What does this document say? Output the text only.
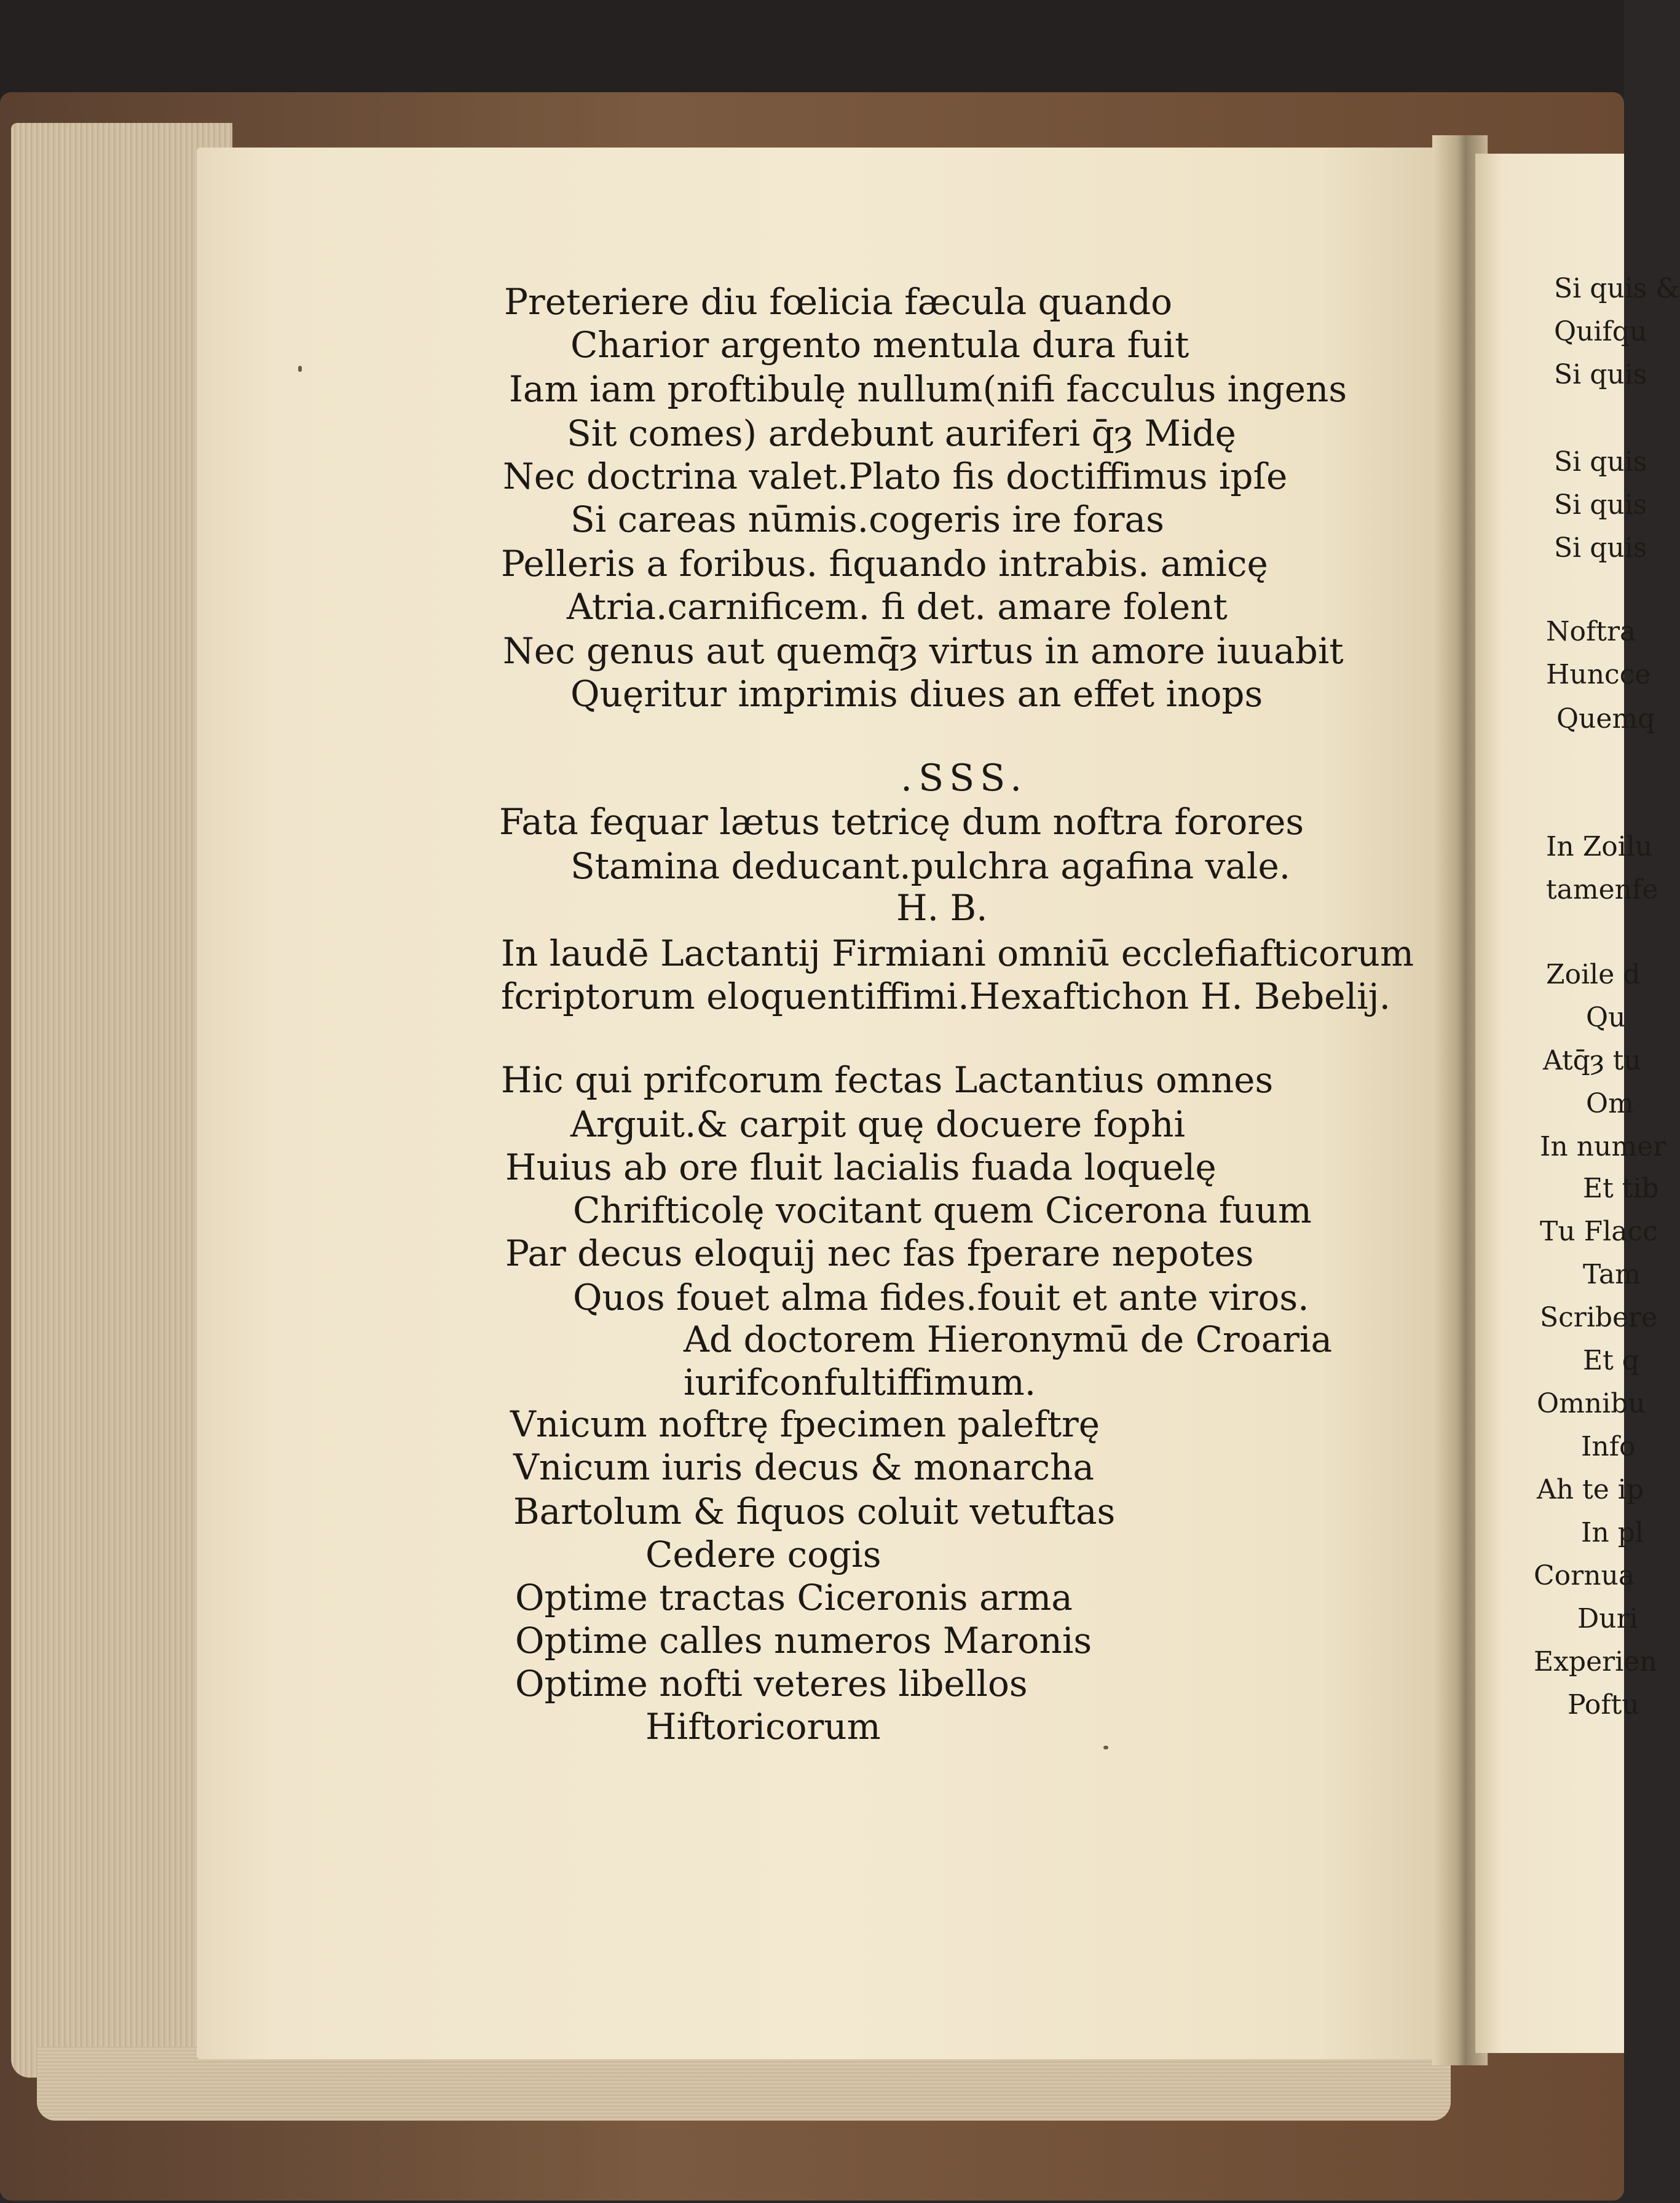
Preteriere diu fœlicia fæcula quando
Charior argento mentula dura fuit
Iam iam proftibulę nullum(nifi facculus ingens
Sit comes) ardebunt auriferi q̄ȝ Midę
Nec doctrina valet.Plato fis doctiffimus ipſe
Si careas nūmis.cogeris ire foras
Pelleris a foribus. fiquando intrabis. amicę
Atria.carnificem. fi det. amare folent
Nec genus aut quemq̄ȝ virtus in amore iuuabit
Quęritur imprimis diues an effet inops
.SSS.
Fata fequar lætus tetricę dum noftra forores
Stamina deducant.pulchra agafina vale.
H. B.
In laudē Lactantij Firmiani omniū ecclefiafticorum
fcriptorum eloquentiffimi.Hexaftichon H. Bebelij.
Hic qui prifcorum fectas Lactantius omnes
Arguit.& carpit quę docuere fophi
Huius ab ore fluit lacialis fuada loquelę
Chrifticolę vocitant quem Cicerona fuum
Par decus eloquij nec fas fperare nepotes
Quos fouet alma fides.fouit et ante viros.
Ad doctorem Hieronymū de Croaria
iurifconfultiffimum.
Vnicum noftrę fpecimen paleftrę
Vnicum iuris decus & monarcha
Bartolum & fiquos coluit vetuftas
Cedere cogis
Optime tractas Ciceronis arma
Optime calles numeros Maronis
Optime nofti veteres libellos
Hiftoricorum
Si quis &
Quifqu
Si quis
Si quis
Si quis
Si quis
Noftra
Huncce
Quemq
In Zoilu
tamenfe
Zoile d
Qu
Atq̄ȝ tu
Om
In numer
Et tib
Tu Flacc
Tam
Scribere
Et q
Omnibu
Info
Ah te ip
In pl
Cornua
Duri
Experien
Poftu
